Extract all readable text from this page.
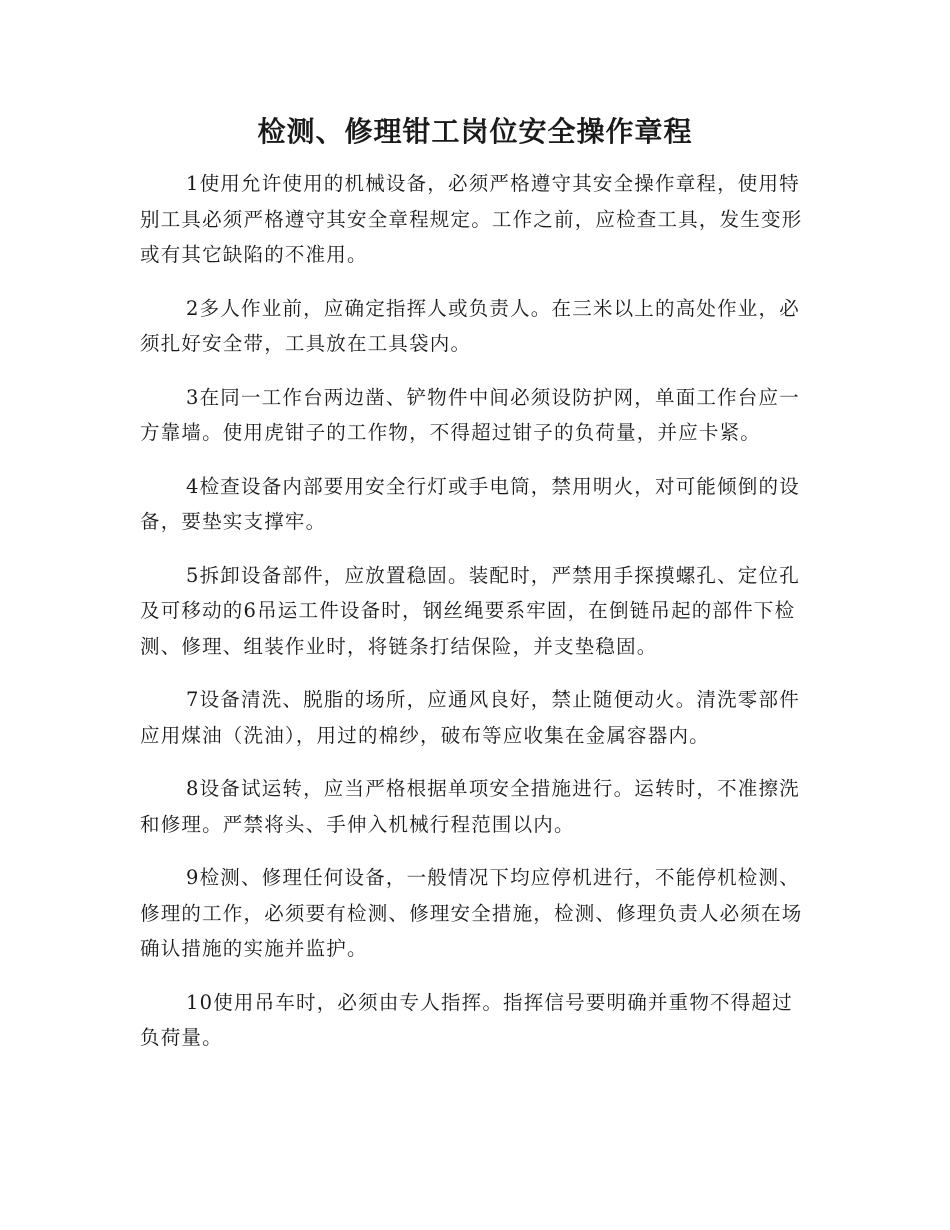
检测、修理钳工岗位安全操作章程

1使用允许使用的机械设备，必须严格遵守其安全操作章程，使用特别工具必须严格遵守其安全章程规定。工作之前，应检查工具，发生变形或有其它缺陷的不准用。

2多人作业前，应确定指挥人或负责人。在三米以上的高处作业，必须扎好安全带，工具放在工具袋内。

3在同一工作台两边凿、铲物件中间必须设防护网，单面工作台应一方靠墙。使用虎钳子的工作物，不得超过钳子的负荷量，并应卡紧。

4检查设备内部要用安全行灯或手电筒，禁用明火，对可能倾倒的设备，要垫实支撑牢。

5拆卸设备部件，应放置稳固。装配时，严禁用手探摸螺孔、定位孔及可移动的6吊运工件设备时，钢丝绳要系牢固，在倒链吊起的部件下检测、修理、组装作业时，将链条打结保险，并支垫稳固。

7设备清洗、脱脂的场所，应通风良好，禁止随便动火。清洗零部件应用煤油（洗油），用过的棉纱，破布等应收集在金属容器内。

8设备试运转，应当严格根据单项安全措施进行。运转时，不准擦洗和修理。严禁将头、手伸入机械行程范围以内。

9检测、修理任何设备，一般情况下均应停机进行，不能停机检测、修理的工作，必须要有检测、修理安全措施，检测、修理负责人必须在场确认措施的实施并监护。

10使用吊车时，必须由专人指挥。指挥信号要明确并重物不得超过负荷量。
